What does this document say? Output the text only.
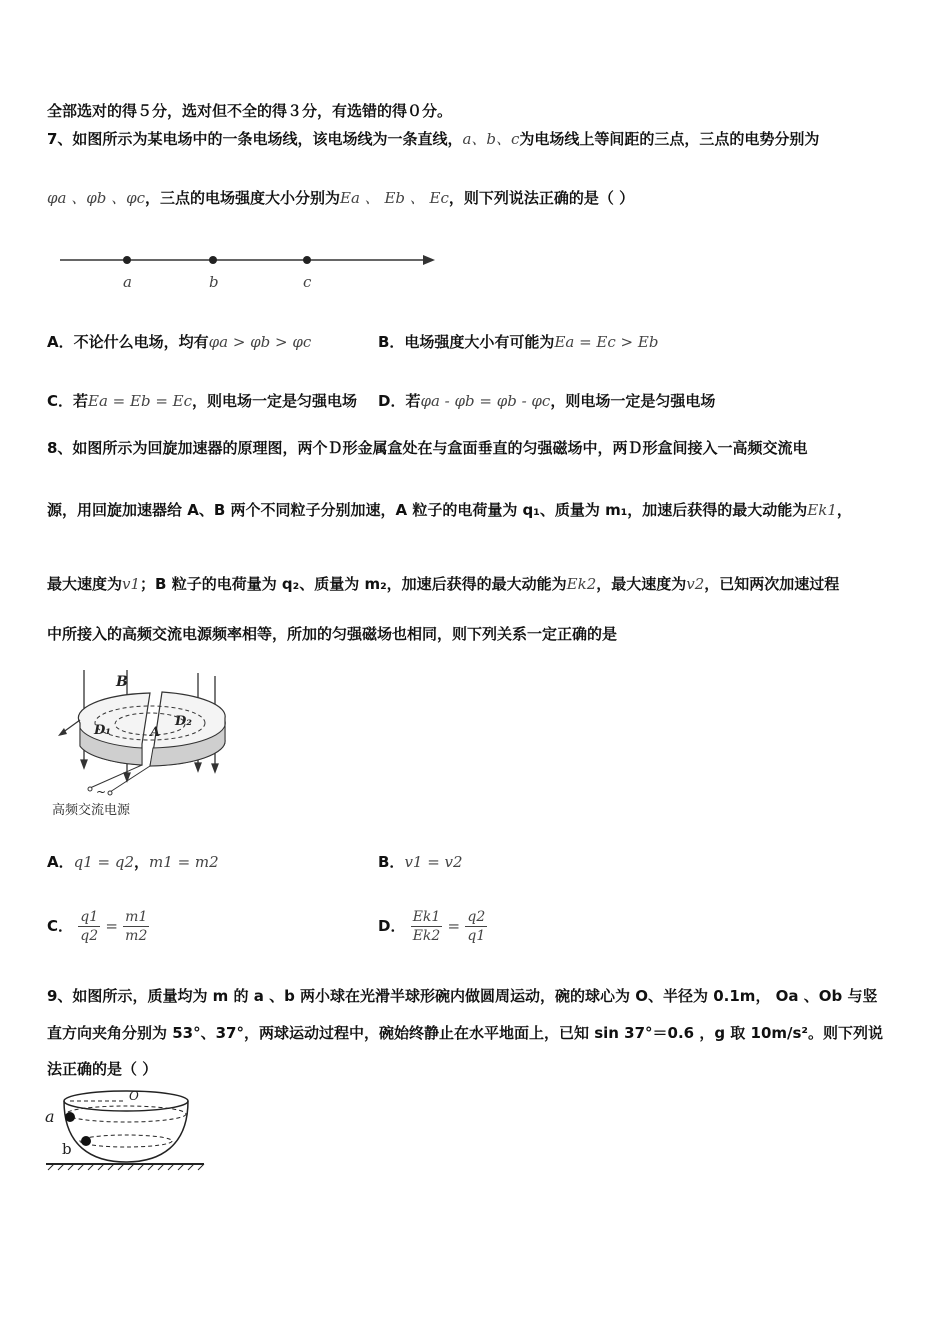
全部选对的得５分，选对但不全的得３分，有选错的得０分。
7、如图所示为某电场中的一条电场线，该电场线为一条直线，a、b、c为电场线上等间距的三点，三点的电势分别为
φa 、φb 、φc，三点的电场强度大小分别为Ea 、 Eb 、 Ec，则下列说法正确的是（ ）
a	b	c
A．不论什么电场，均有φa > φb > φc	B．电场强度大小有可能为Ea = Ec > Eb
C．若Ea = Eb = Ec，则电场一定是匀强电场 D．若φa - φb = φb - φc，则电场一定是匀强电场
8、如图所示为回旋加速器的原理图，两个Ｄ形金属盒处在与盒面垂直的匀强磁场中，两Ｄ形盒间接入一高频交流电
源，用回旋加速器给 A、B 两个不同粒子分别加速，A 粒子的电荷量为 q₁、质量为 m₁，加速后获得的最大动能为Ek1，
最大速度为v1；B 粒子的电荷量为 q₂、质量为 m₂，加速后获得的最大动能为Ek2，最大速度为v2，已知两次加速过程
中所接入的高频交流电源频率相等，所加的匀强磁场也相同，则下列关系一定正确的是
B
D₁
D₂
A
~
高频交流电源
A．q1 = q2，m1 = m2	B．v1 = v2
C． $\frac{q1}{q2} = \frac{m1}{m2}$	D． $\frac{Ek1}{Ek2} = \frac{q2}{q1}$
9、如图所示，质量均为 m 的 a 、b 两小球在光滑半球形碗内做圆周运动，碗的球心为 O、半径为 0.1m， Oa 、Ob 与竖
直方向夹角分别为 53°、37°，两球运动过程中，碗始终静止在水平地面上，已知 sin 37°＝0.6 ，g 取 10m/s²。则下列说
法正确的是（ ）
O
a
b
